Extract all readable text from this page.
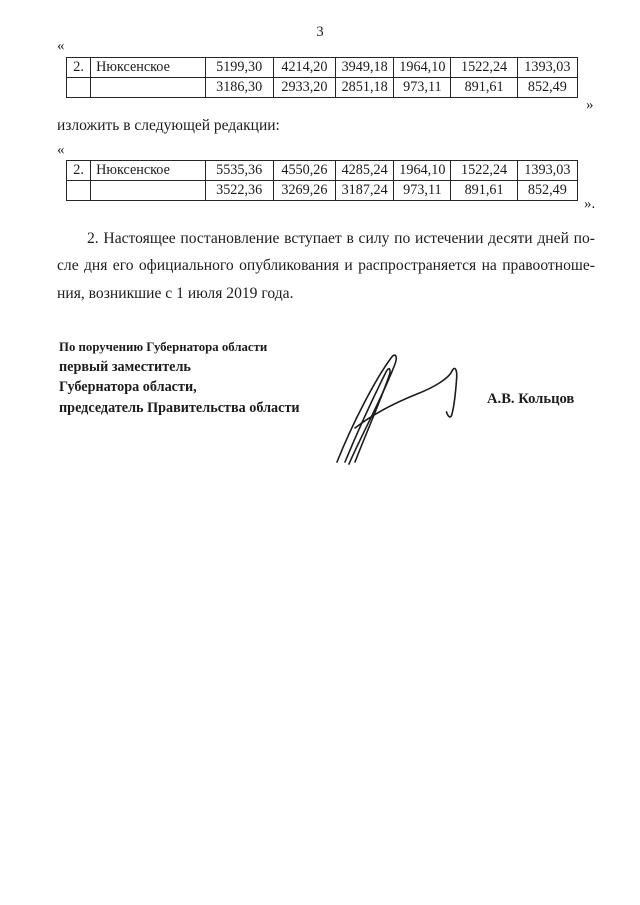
3
«
2.	Нюксенское	5199,30	4214,20	3949,18	1964,10	1522,24	1393,03
		3186,30	2933,20	2851,18	973,11	891,61	852,49
»
изложить в следующей редакции:
«
2.	Нюксенское	5535,36	4550,26	4285,24	1964,10	1522,24	1393,03
		3522,36	3269,26	3187,24	973,11	891,61	852,49
».
2. Настоящее постановление вступает в силу по истечении десяти дней по-
сле дня его официального опубликования и распространяется на правоотноше-
ния, возникшие с 1 июля 2019 года.
По поручению Губернатора области
первый заместитель
Губернатора области,
председатель Правительства области
А.В. Кольцов
